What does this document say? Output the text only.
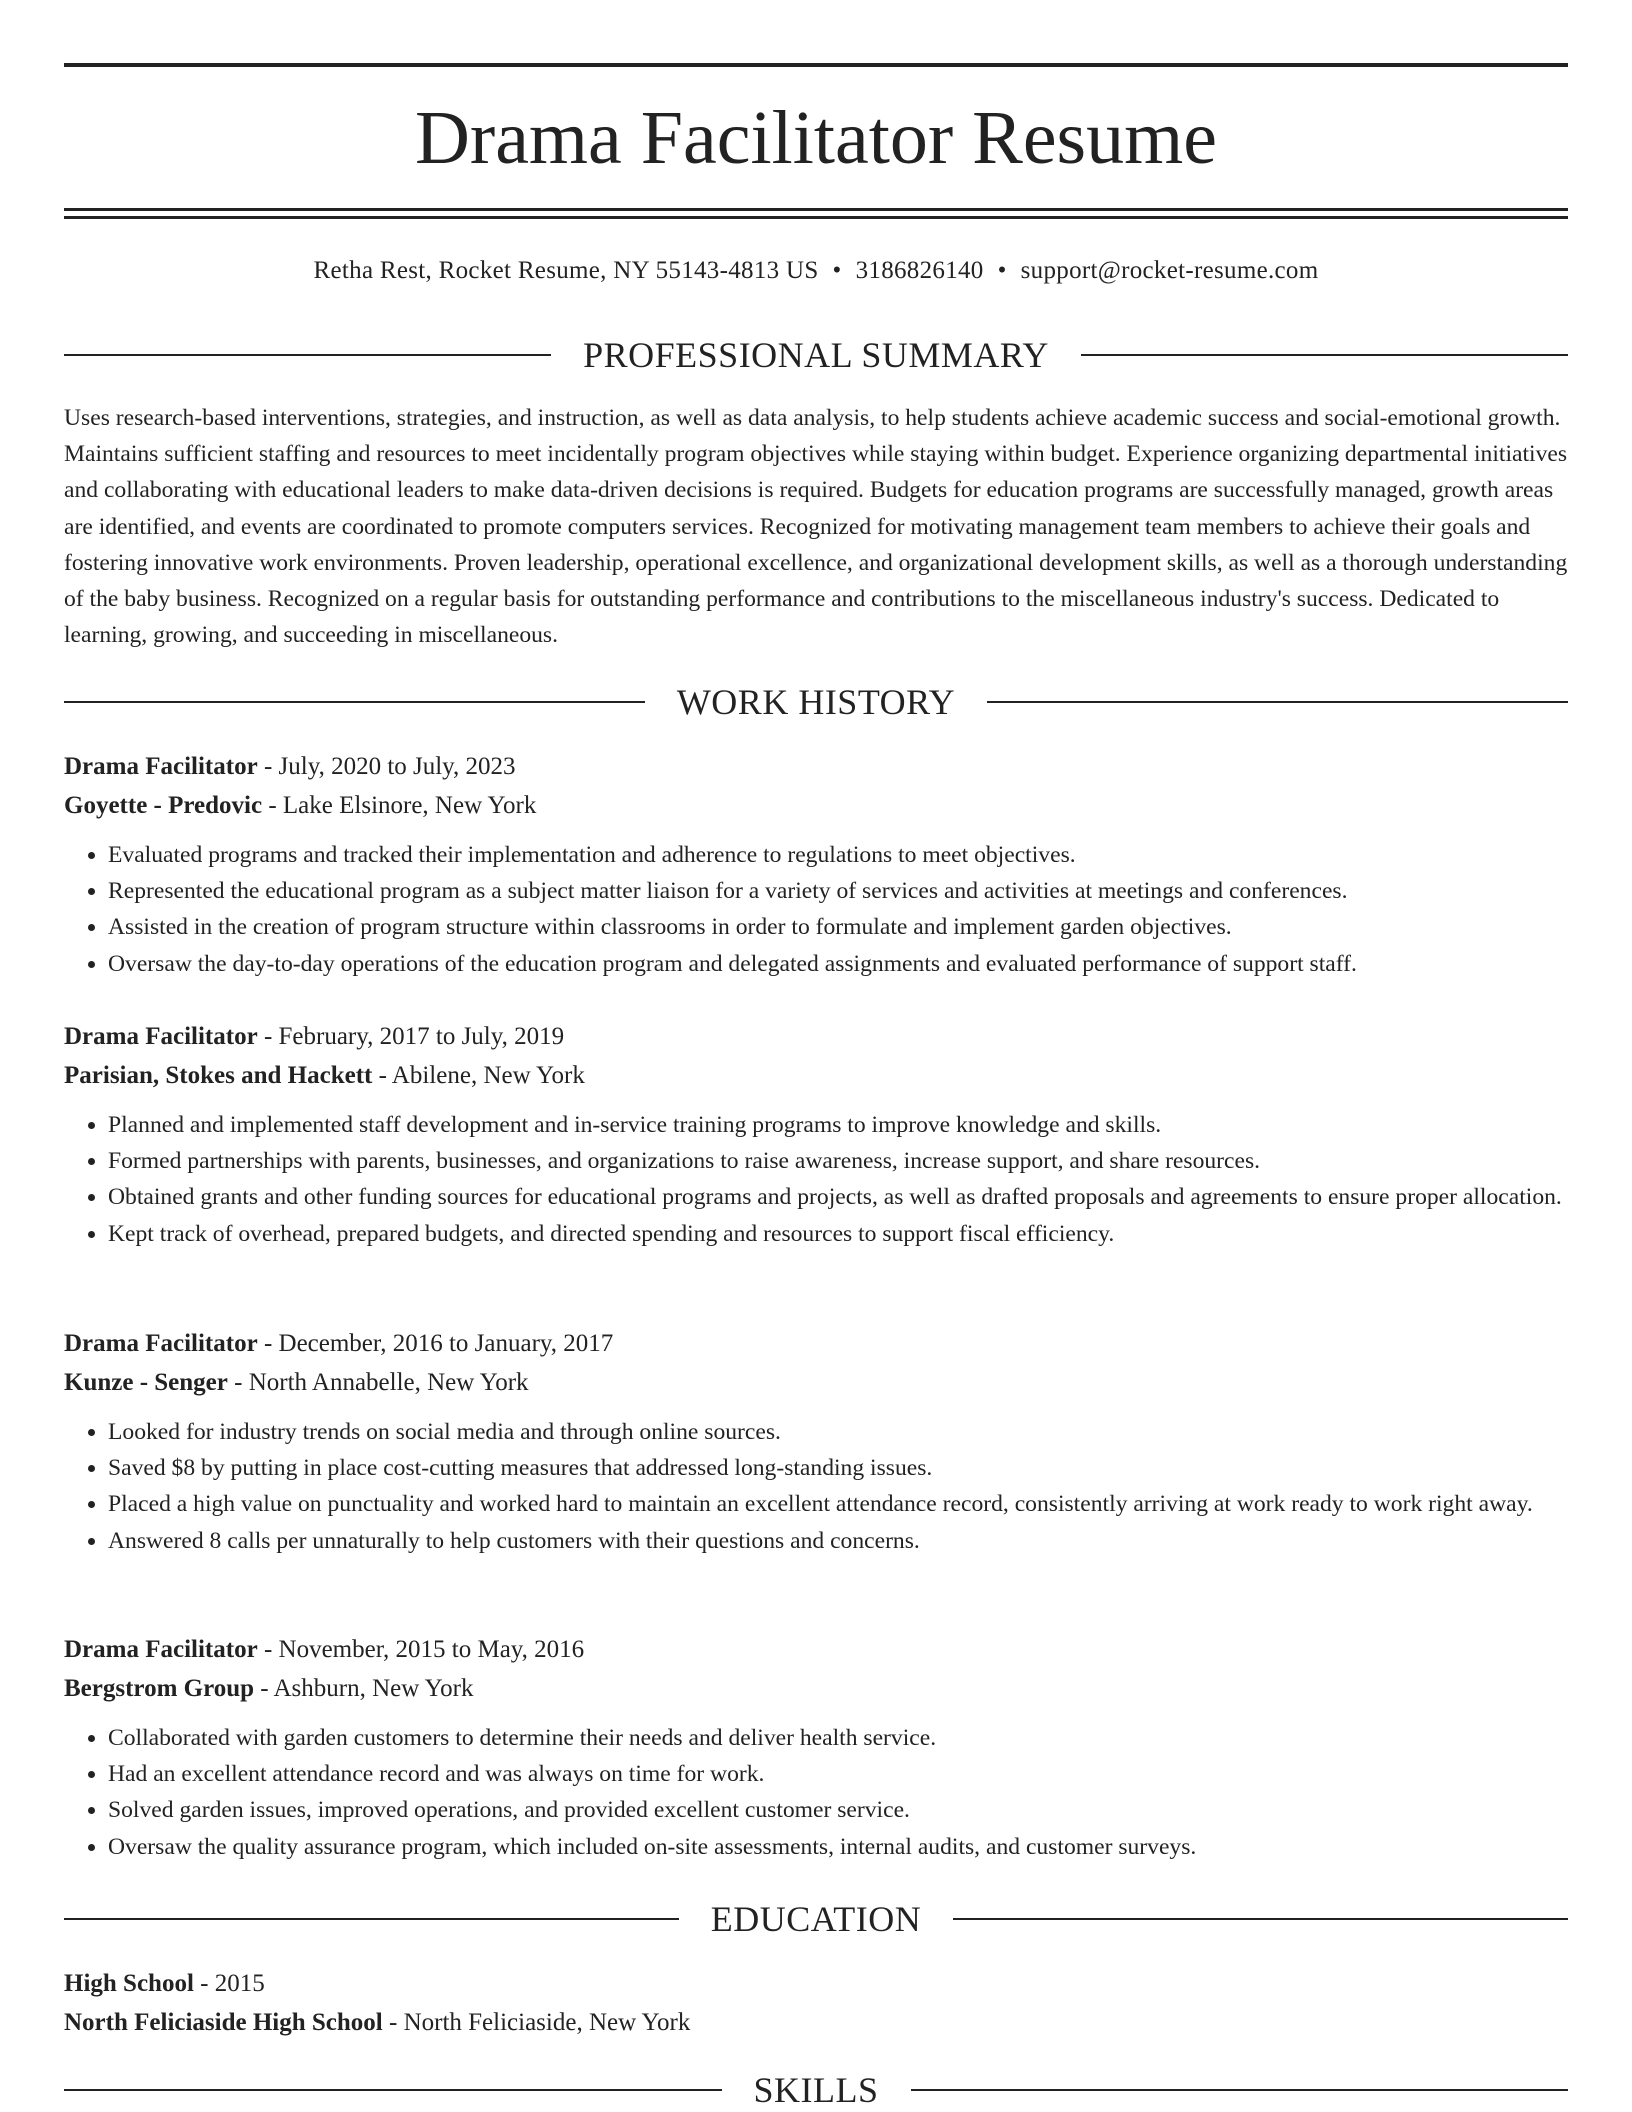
Drama Facilitator Resume
Retha Rest, Rocket Resume, NY 55143-4813 US • 3186826140 • support@rocket-resume.com
PROFESSIONAL SUMMARY

Uses research-based interventions, strategies, and instruction, as well as data analysis, to help students achieve academic success and social-emotional growth. Maintains sufficient staffing and resources to meet incidentally program objectives while staying within budget. Experience organizing departmental initiatives and collaborating with educational leaders to make data-driven decisions is required. Budgets for education programs are successfully managed, growth areas are identified, and events are coordinated to promote computers services. Recognized for motivating management team members to achieve their goals and fostering innovative work environments. Proven leadership, operational excellence, and organizational development skills, as well as a thorough understanding of the baby business. Recognized on a regular basis for outstanding performance and contributions to the miscellaneous industry's success. Dedicated to learning, growing, and succeeding in miscellaneous.

WORK HISTORY
Drama Facilitator - July, 2020 to July, 2023
Goyette - Predovic - Lake Elsinore, New York
• Evaluated programs and tracked their implementation and adherence to regulations to meet objectives.
• Represented the educational program as a subject matter liaison for a variety of services and activities at meetings and conferences.
• Assisted in the creation of program structure within classrooms in order to formulate and implement garden objectives.
• Oversaw the day-to-day operations of the education program and delegated assignments and evaluated performance of support staff.
Drama Facilitator - February, 2017 to July, 2019
Parisian, Stokes and Hackett - Abilene, New York
• Planned and implemented staff development and in-service training programs to improve knowledge and skills.
• Formed partnerships with parents, businesses, and organizations to raise awareness, increase support, and share resources.
• Obtained grants and other funding sources for educational programs and projects, as well as drafted proposals and agreements to ensure proper allocation.
• Kept track of overhead, prepared budgets, and directed spending and resources to support fiscal efficiency.
Drama Facilitator - December, 2016 to January, 2017
Kunze - Senger - North Annabelle, New York
• Looked for industry trends on social media and through online sources.
• Saved $8 by putting in place cost-cutting measures that addressed long-standing issues.
• Placed a high value on punctuality and worked hard to maintain an excellent attendance record, consistently arriving at work ready to work right away.
• Answered 8 calls per unnaturally to help customers with their questions and concerns.
Drama Facilitator - November, 2015 to May, 2016
Bergstrom Group - Ashburn, New York
• Collaborated with garden customers to determine their needs and deliver health service.
• Had an excellent attendance record and was always on time for work.
• Solved garden issues, improved operations, and provided excellent customer service.
• Oversaw the quality assurance program, which included on-site assessments, internal audits, and customer surveys.
EDUCATION
High School - 2015
North Feliciaside High School - North Feliciaside, New York
SKILLS
